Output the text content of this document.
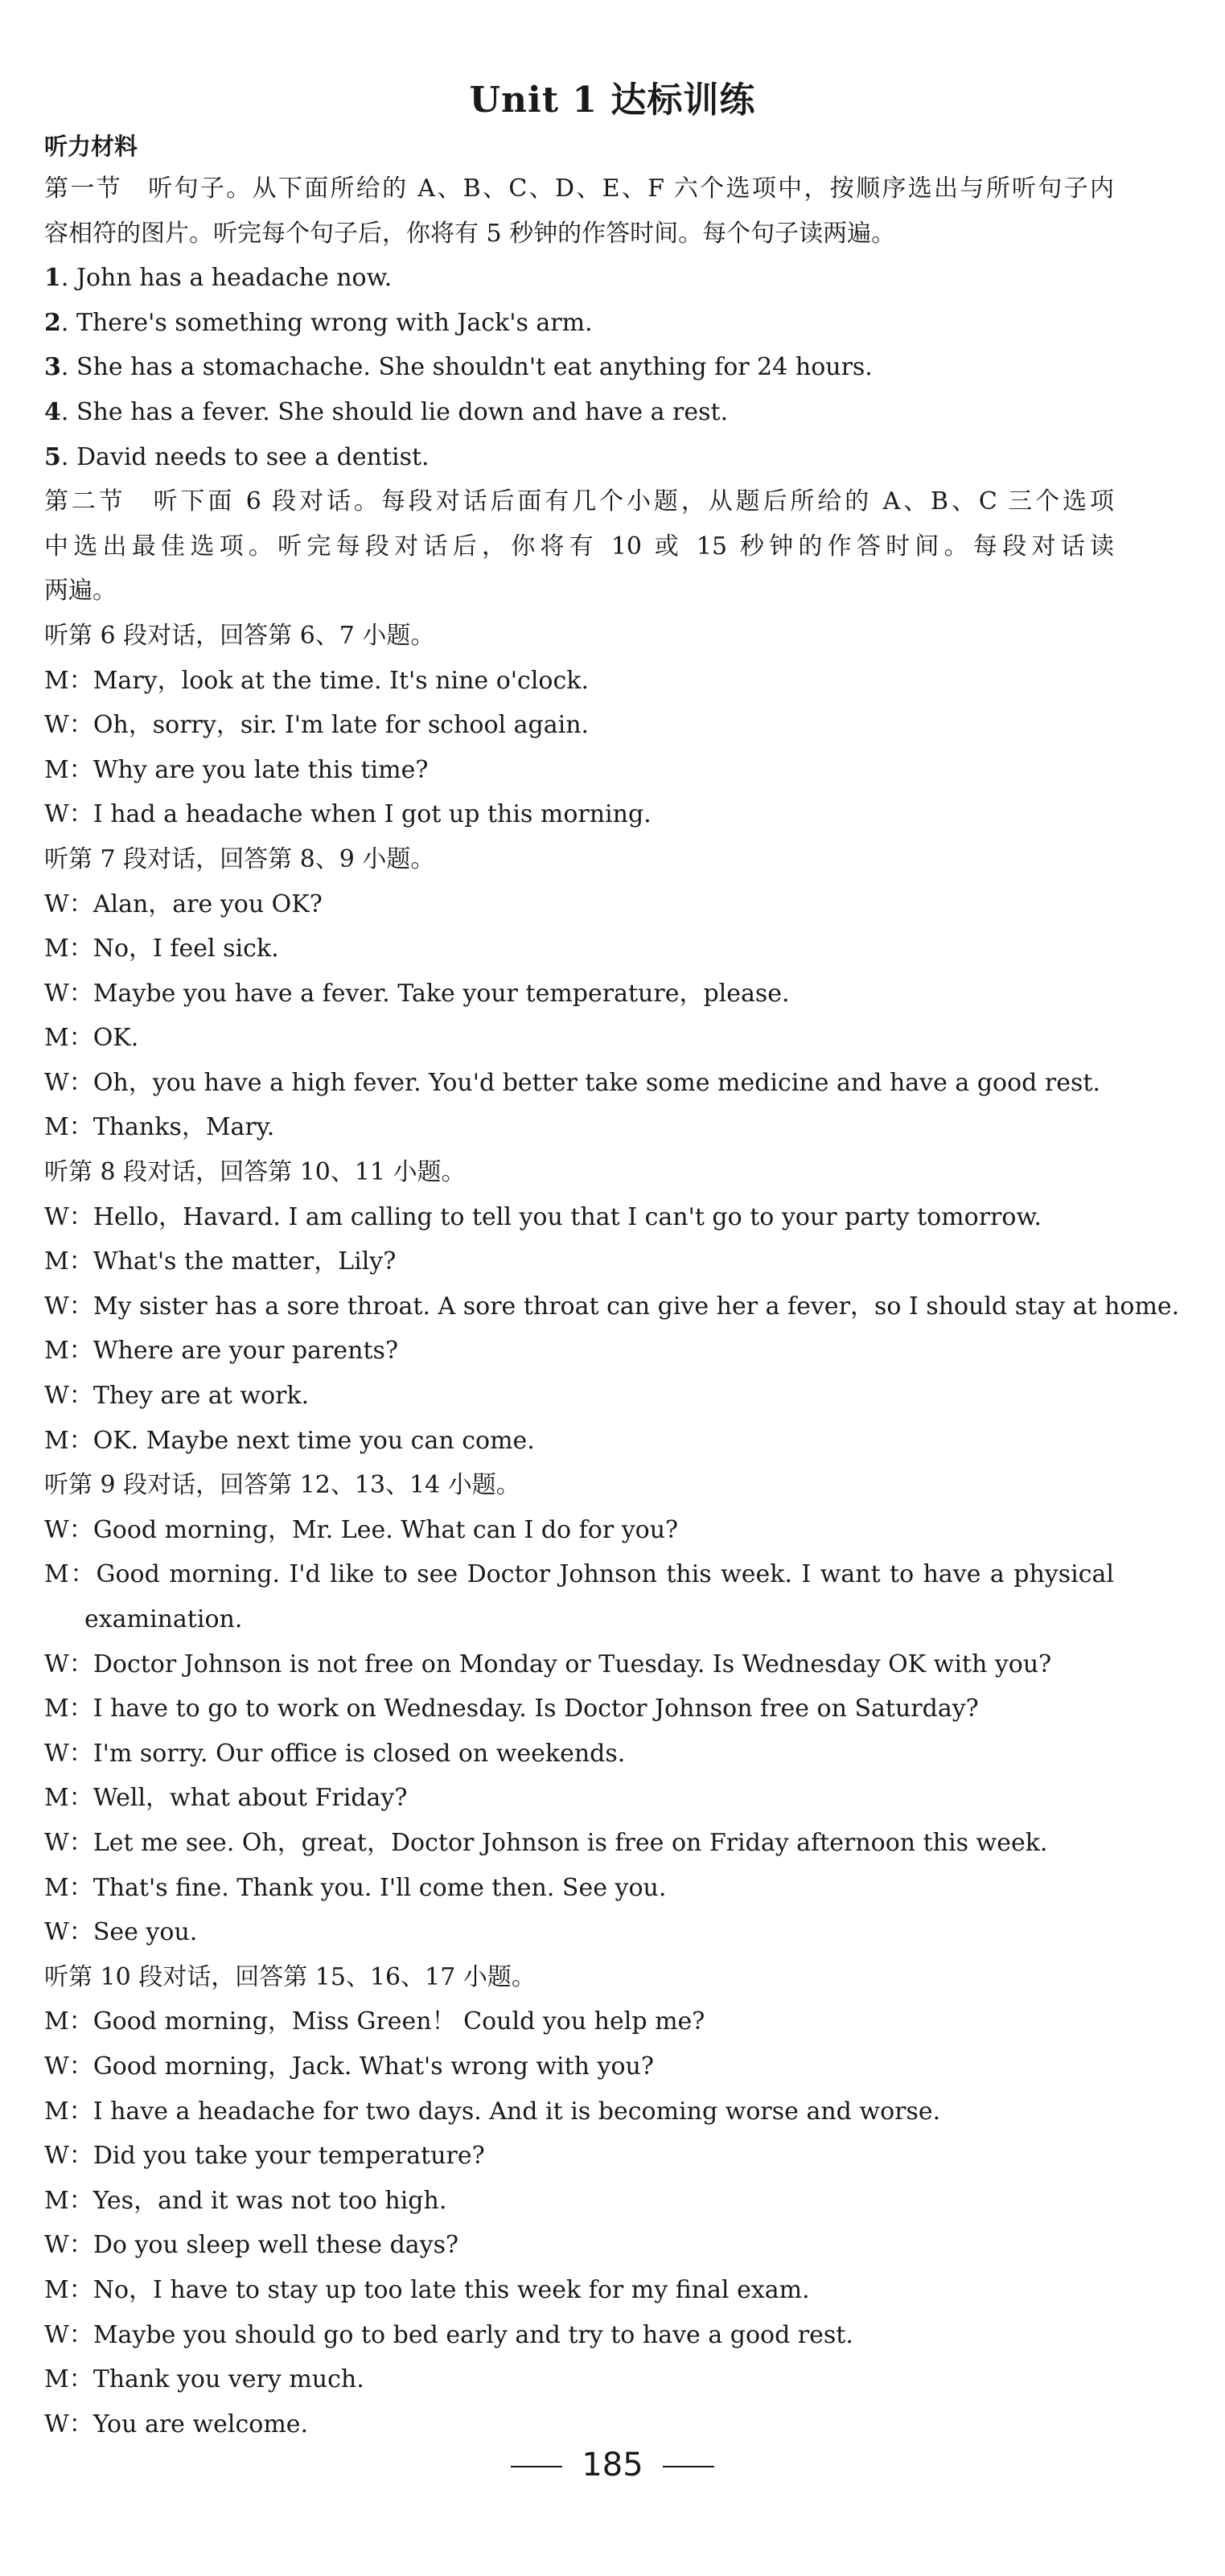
Unit 1 达标训练
听力材料
第一节　听句子。从下面所给的 A、B、C、D、E、F 六个选项中，按顺序选出与所听句子内
容相符的图片。听完每个句子后，你将有 5 秒钟的作答时间。每个句子读两遍。
1. John has a headache now.
2. There's something wrong with Jack's arm.
3. She has a stomachache. She shouldn't eat anything for 24 hours.
4. She has a fever. She should lie down and have a rest.
5. David needs to see a dentist.
第二节　听下面 6 段对话。每段对话后面有几个小题，从题后所给的 A、B、C 三个选项
中选出最佳选项。听完每段对话后，你将有 10 或 15 秒钟的作答时间。每段对话读
两遍。
听第 6 段对话，回答第 6、7 小题。
M：Mary，look at the time. It's nine o'clock.
W：Oh，sorry，sir. I'm late for school again.
M：Why are you late this time?
W：I had a headache when I got up this morning.
听第 7 段对话，回答第 8、9 小题。
W：Alan，are you OK?
M：No，I feel sick.
W：Maybe you have a fever. Take your temperature，please.
M：OK.
W：Oh，you have a high fever. You'd better take some medicine and have a good rest.
M：Thanks，Mary.
听第 8 段对话，回答第 10、11 小题。
W：Hello，Havard. I am calling to tell you that I can't go to your party tomorrow.
M：What's the matter，Lily?
W：My sister has a sore throat. A sore throat can give her a fever，so I should stay at home.
M：Where are your parents?
W：They are at work.
M：OK. Maybe next time you can come.
听第 9 段对话，回答第 12、13、14 小题。
W：Good morning，Mr. Lee. What can I do for you?
M：Good morning. I'd like to see Doctor Johnson this week. I want to have a physical
examination.
W：Doctor Johnson is not free on Monday or Tuesday. Is Wednesday OK with you?
M：I have to go to work on Wednesday. Is Doctor Johnson free on Saturday?
W：I'm sorry. Our office is closed on weekends.
M：Well，what about Friday?
W：Let me see. Oh，great，Doctor Johnson is free on Friday afternoon this week.
M：That's fine. Thank you. I'll come then. See you.
W：See you.
听第 10 段对话，回答第 15、16、17 小题。
M：Good morning，Miss Green！ Could you help me?
W：Good morning，Jack. What's wrong with you?
M：I have a headache for two days. And it is becoming worse and worse.
W：Did you take your temperature?
M：Yes，and it was not too high.
W：Do you sleep well these days?
M：No，I have to stay up too late this week for my final exam.
W：Maybe you should go to bed early and try to have a good rest.
M：Thank you very much.
W：You are welcome.
185
